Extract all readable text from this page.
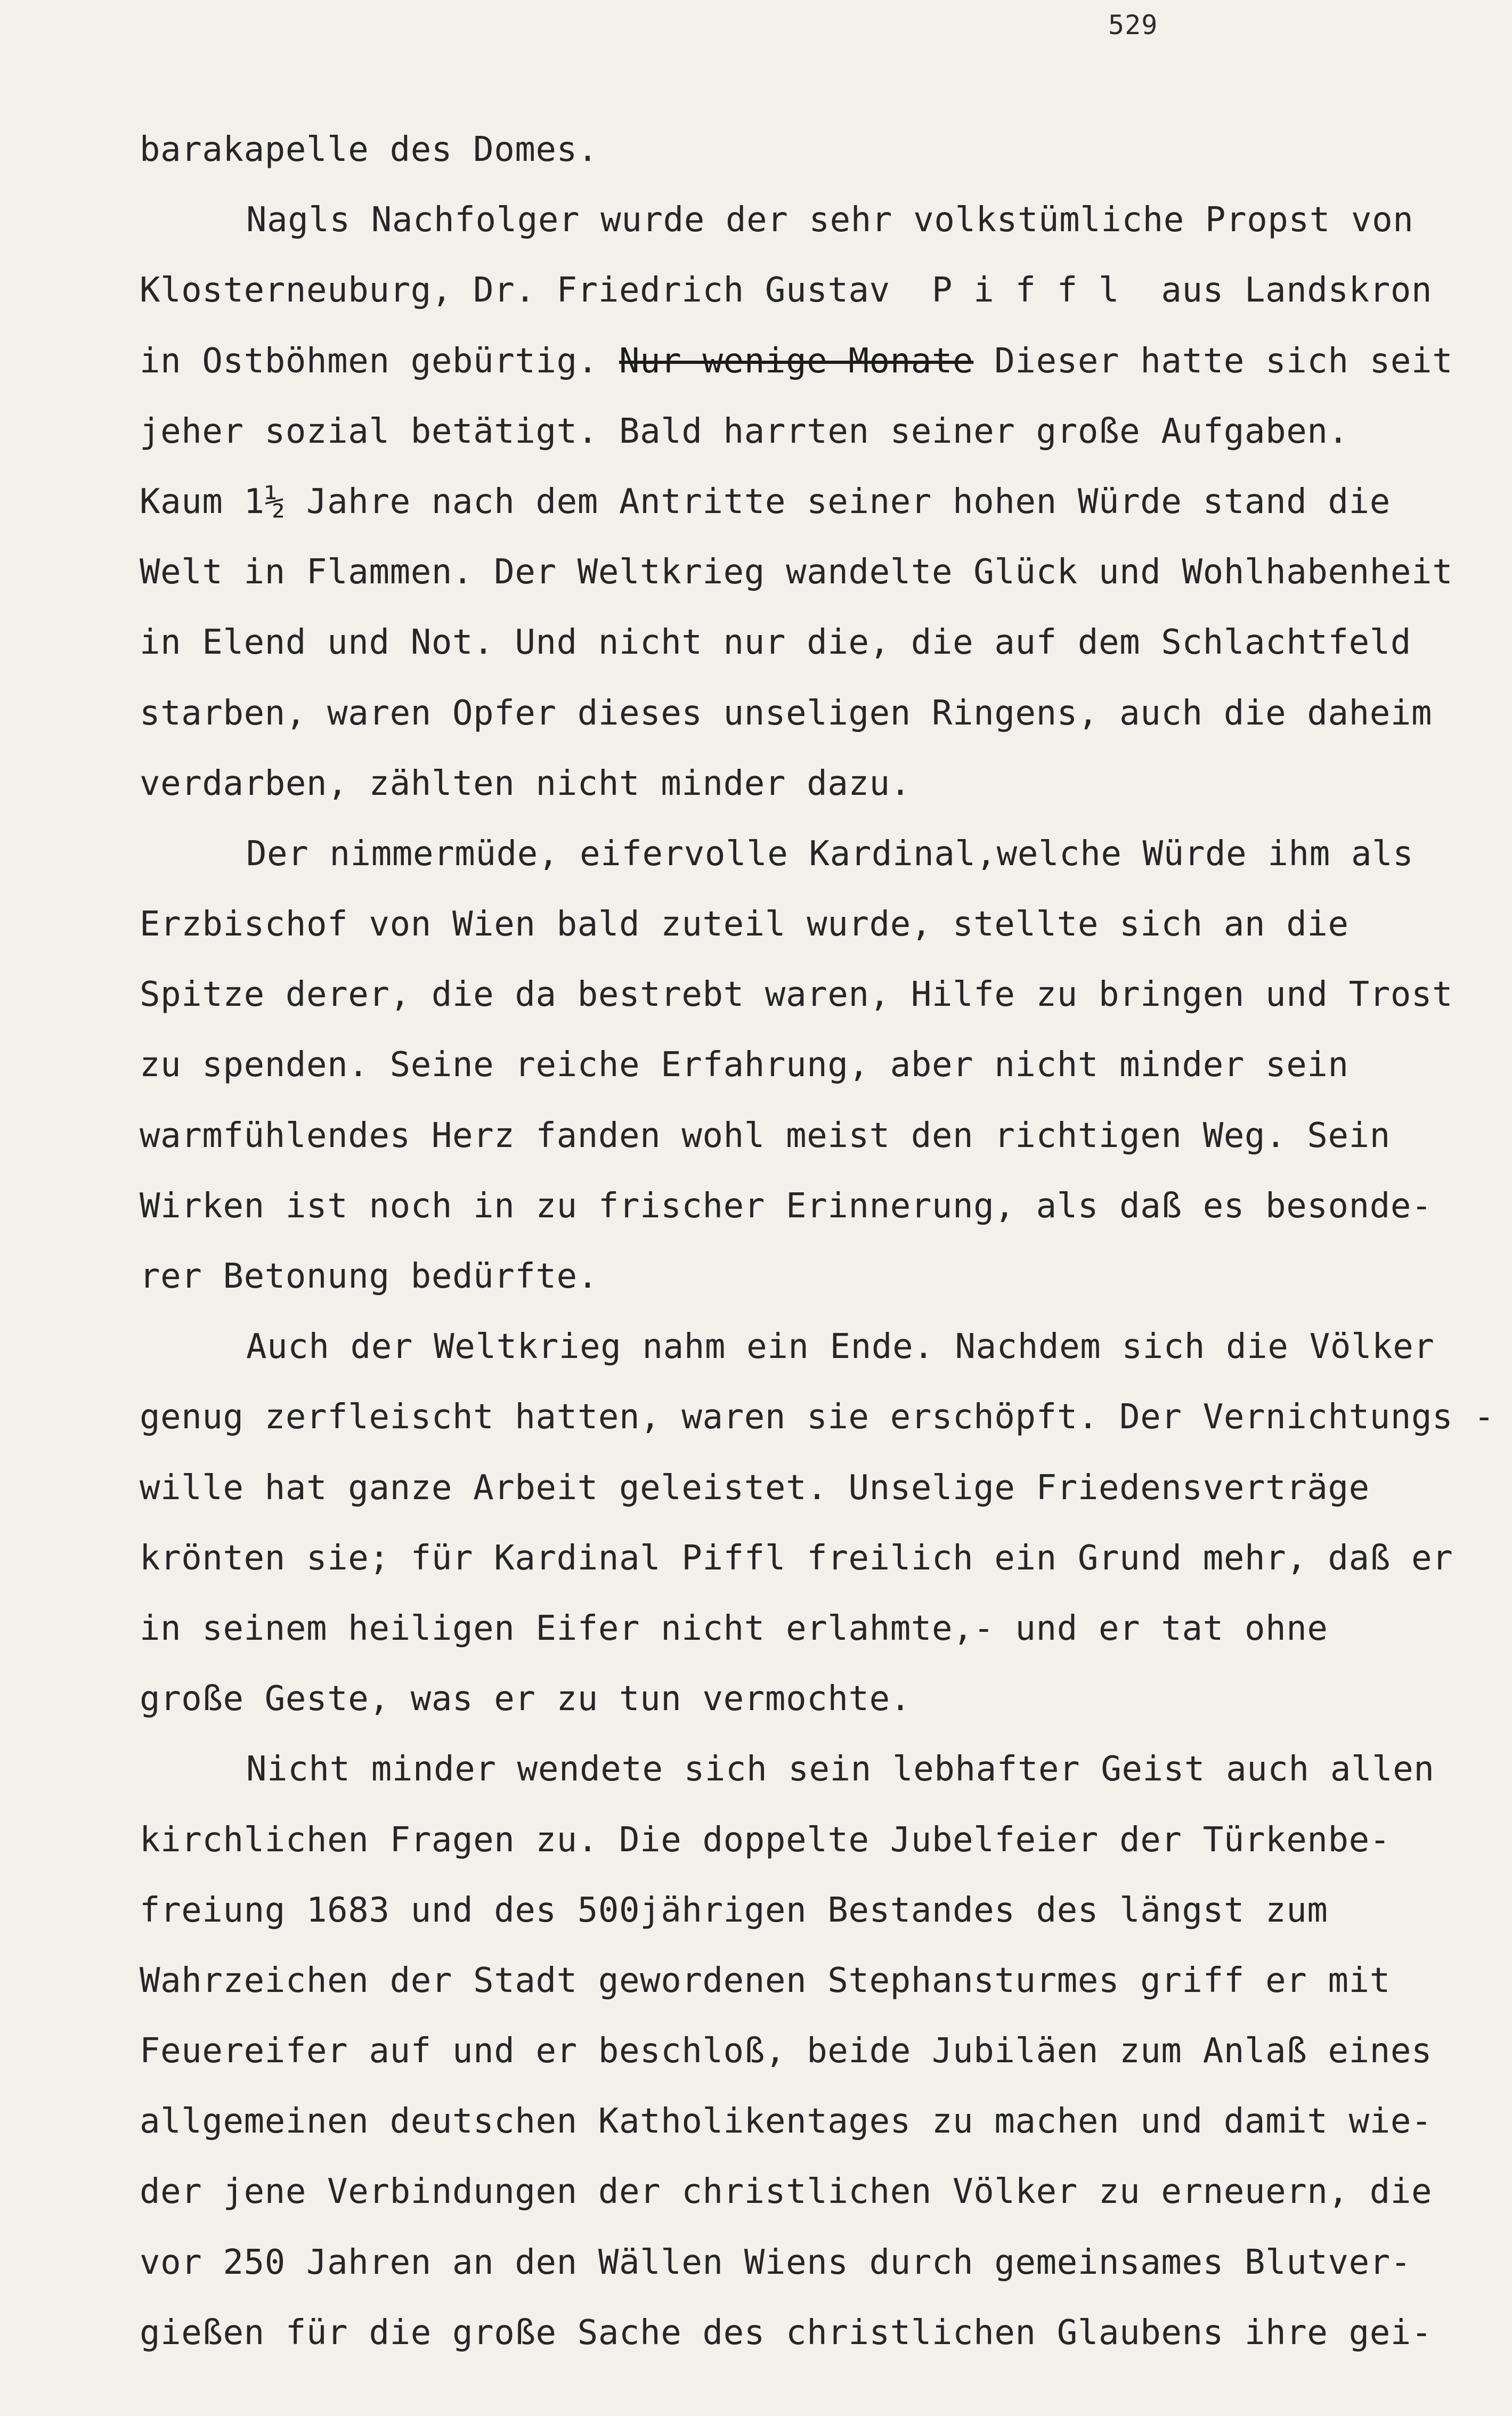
529
barakapelle des Domes.
Nagls Nachfolger wurde der sehr volkstümliche Propst von
Klosterneuburg, Dr. Friedrich Gustav  P i f f l  aus Landskron
in Ostböhmen gebürtig. Nur wenige Monate Dieser hatte sich seit
jeher sozial betätigt. Bald harrten seiner große Aufgaben.
Kaum 1½ Jahre nach dem Antritte seiner hohen Würde stand die
Welt in Flammen. Der Weltkrieg wandelte Glück und Wohlhabenheit
in Elend und Not. Und nicht nur die, die auf dem Schlachtfeld
starben, waren Opfer dieses unseligen Ringens, auch die daheim
verdarben, zählten nicht minder dazu.
Der nimmermüde, eifervolle Kardinal,welche Würde ihm als
Erzbischof von Wien bald zuteil wurde, stellte sich an die
Spitze derer, die da bestrebt waren, Hilfe zu bringen und Trost
zu spenden. Seine reiche Erfahrung, aber nicht minder sein
warmfühlendes Herz fanden wohl meist den richtigen Weg. Sein
Wirken ist noch in zu frischer Erinnerung, als daß es besonde-
rer Betonung bedürfte.
Auch der Weltkrieg nahm ein Ende. Nachdem sich die Völker
genug zerfleischt hatten, waren sie erschöpft. Der Vernichtungs -
wille hat ganze Arbeit geleistet. Unselige Friedensverträge
krönten sie; für Kardinal Piffl freilich ein Grund mehr, daß er
in seinem heiligen Eifer nicht erlahmte,- und er tat ohne
große Geste, was er zu tun vermochte.
Nicht minder wendete sich sein lebhafter Geist auch allen
kirchlichen Fragen zu. Die doppelte Jubelfeier der Türkenbe-
freiung 1683 und des 500jährigen Bestandes des längst zum
Wahrzeichen der Stadt gewordenen Stephansturmes griff er mit
Feuereifer auf und er beschloß, beide Jubiläen zum Anlaß eines
allgemeinen deutschen Katholikentages zu machen und damit wie-
der jene Verbindungen der christlichen Völker zu erneuern, die
vor 250 Jahren an den Wällen Wiens durch gemeinsames Blutver-
gießen für die große Sache des christlichen Glaubens ihre gei-
